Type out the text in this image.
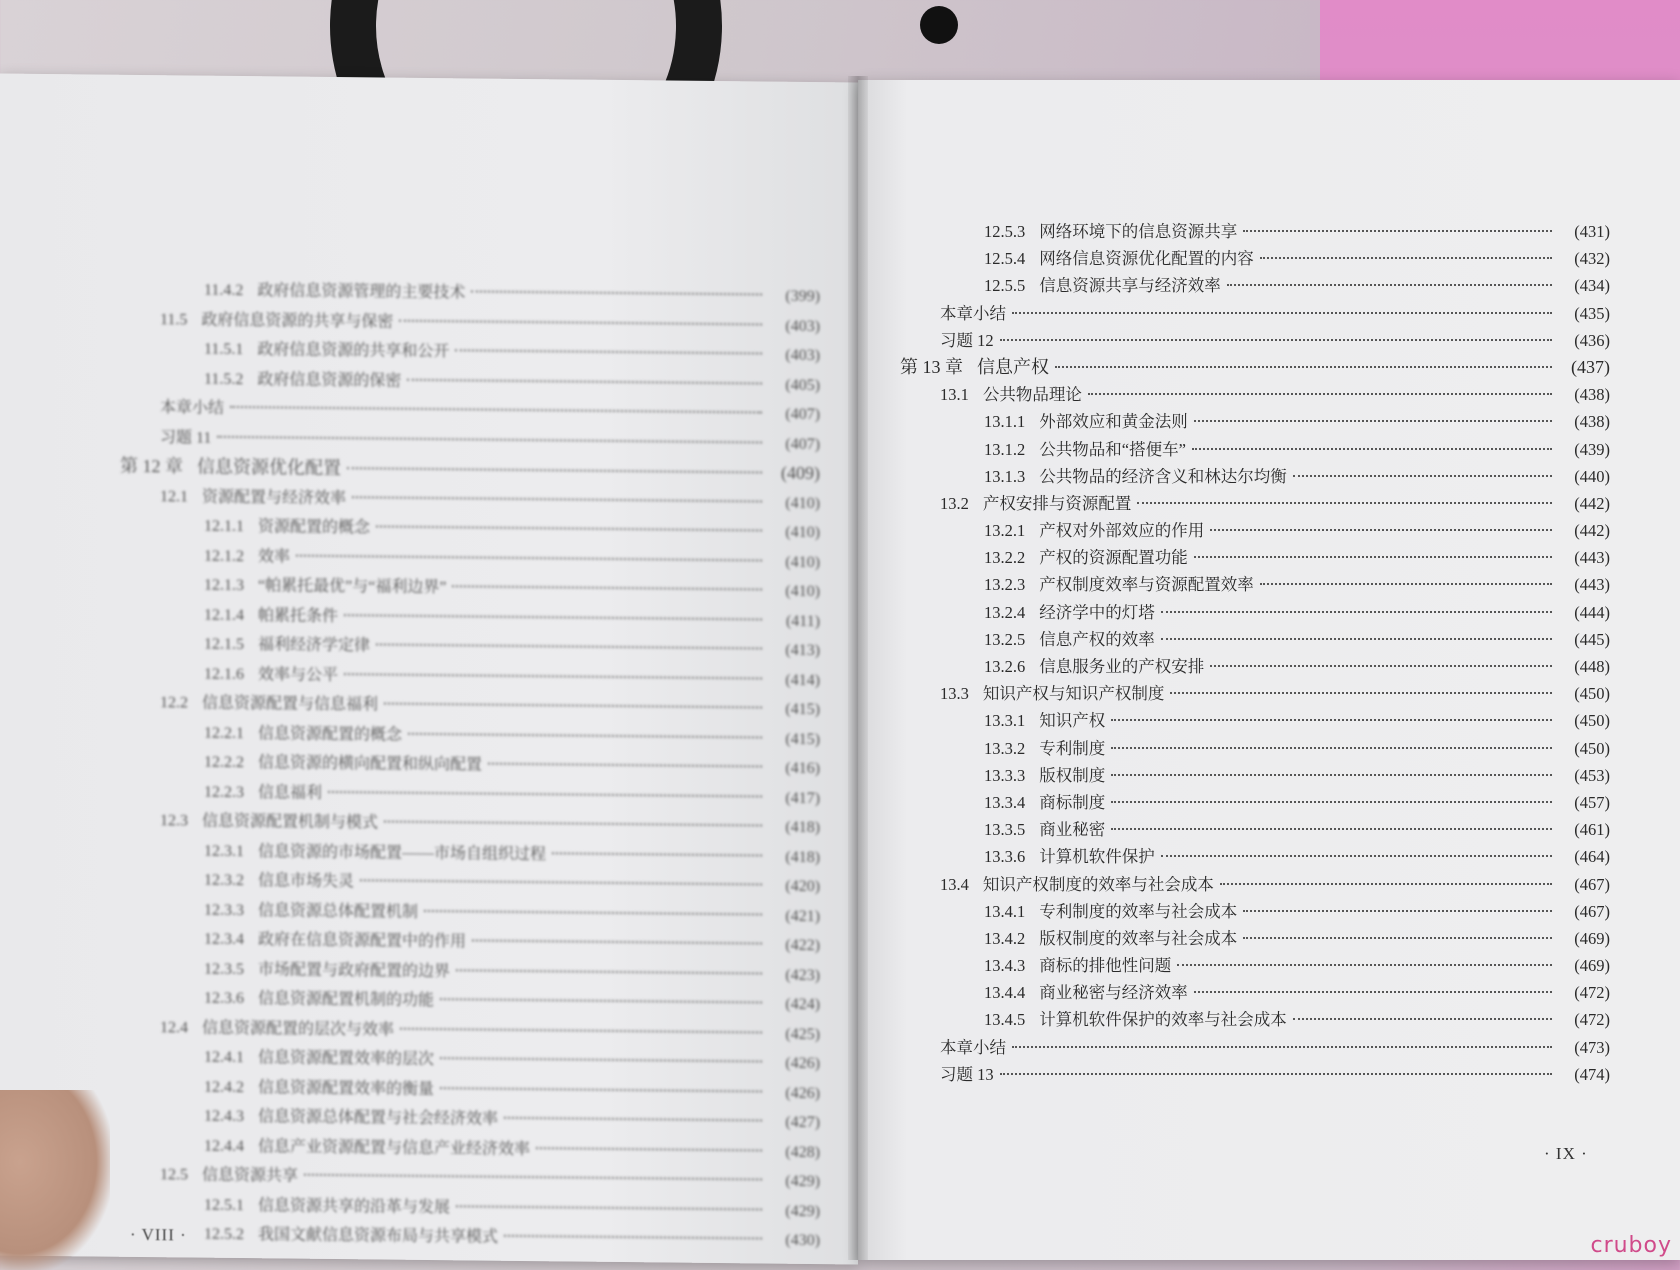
11.4.2 政府信息资源管理的主要技术	(399)
11.5 政府信息资源的共享与保密	(403)
11.5.1 政府信息资源的共享和公开	(403)
11.5.2 政府信息资源的保密	(405)
本章小结	(407)
习题 11	(407)
第 12 章 信息资源优化配置	(409)
12.1 资源配置与经济效率	(410)
12.1.1 资源配置的概念	(410)
12.1.2 效率	(410)
12.1.3 “帕累托最优”与“福利边界”	(410)
12.1.4 帕累托条件	(411)
12.1.5 福利经济学定律	(413)
12.1.6 效率与公平	(414)
12.2 信息资源配置与信息福利	(415)
12.2.1 信息资源配置的概念	(415)
12.2.2 信息资源的横向配置和纵向配置	(416)
12.2.3 信息福利	(417)
12.3 信息资源配置机制与模式	(418)
12.3.1 信息资源的市场配置——市场自组织过程	(418)
12.3.2 信息市场失灵	(420)
12.3.3 信息资源总体配置机制	(421)
12.3.4 政府在信息资源配置中的作用	(422)
12.3.5 市场配置与政府配置的边界	(423)
12.3.6 信息资源配置机制的功能	(424)
12.4 信息资源配置的层次与效率	(425)
12.4.1 信息资源配置效率的层次	(426)
12.4.2 信息资源配置效率的衡量	(426)
12.4.3 信息资源总体配置与社会经济效率	(427)
12.4.4 信息产业资源配置与信息产业经济效率	(428)
12.5 信息资源共享	(429)
12.5.1 信息资源共享的沿革与发展	(429)
12.5.2 我国文献信息资源布局与共享模式	(430)
· VIII ·
12.5.3 网络环境下的信息资源共享	(431)
12.5.4 网络信息资源优化配置的内容	(432)
12.5.5 信息资源共享与经济效率	(434)
本章小结	(435)
习题 12	(436)
第 13 章 信息产权	(437)
13.1 公共物品理论	(438)
13.1.1 外部效应和黄金法则	(438)
13.1.2 公共物品和“搭便车”	(439)
13.1.3 公共物品的经济含义和林达尔均衡	(440)
13.2 产权安排与资源配置	(442)
13.2.1 产权对外部效应的作用	(442)
13.2.2 产权的资源配置功能	(443)
13.2.3 产权制度效率与资源配置效率	(443)
13.2.4 经济学中的灯塔	(444)
13.2.5 信息产权的效率	(445)
13.2.6 信息服务业的产权安排	(448)
13.3 知识产权与知识产权制度	(450)
13.3.1 知识产权	(450)
13.3.2 专利制度	(450)
13.3.3 版权制度	(453)
13.3.4 商标制度	(457)
13.3.5 商业秘密	(461)
13.3.6 计算机软件保护	(464)
13.4 知识产权制度的效率与社会成本	(467)
13.4.1 专利制度的效率与社会成本	(467)
13.4.2 版权制度的效率与社会成本	(469)
13.4.3 商标的排他性问题	(469)
13.4.4 商业秘密与经济效率	(472)
13.4.5 计算机软件保护的效率与社会成本	(472)
本章小结	(473)
习题 13	(474)
· IX ·
cruboy
